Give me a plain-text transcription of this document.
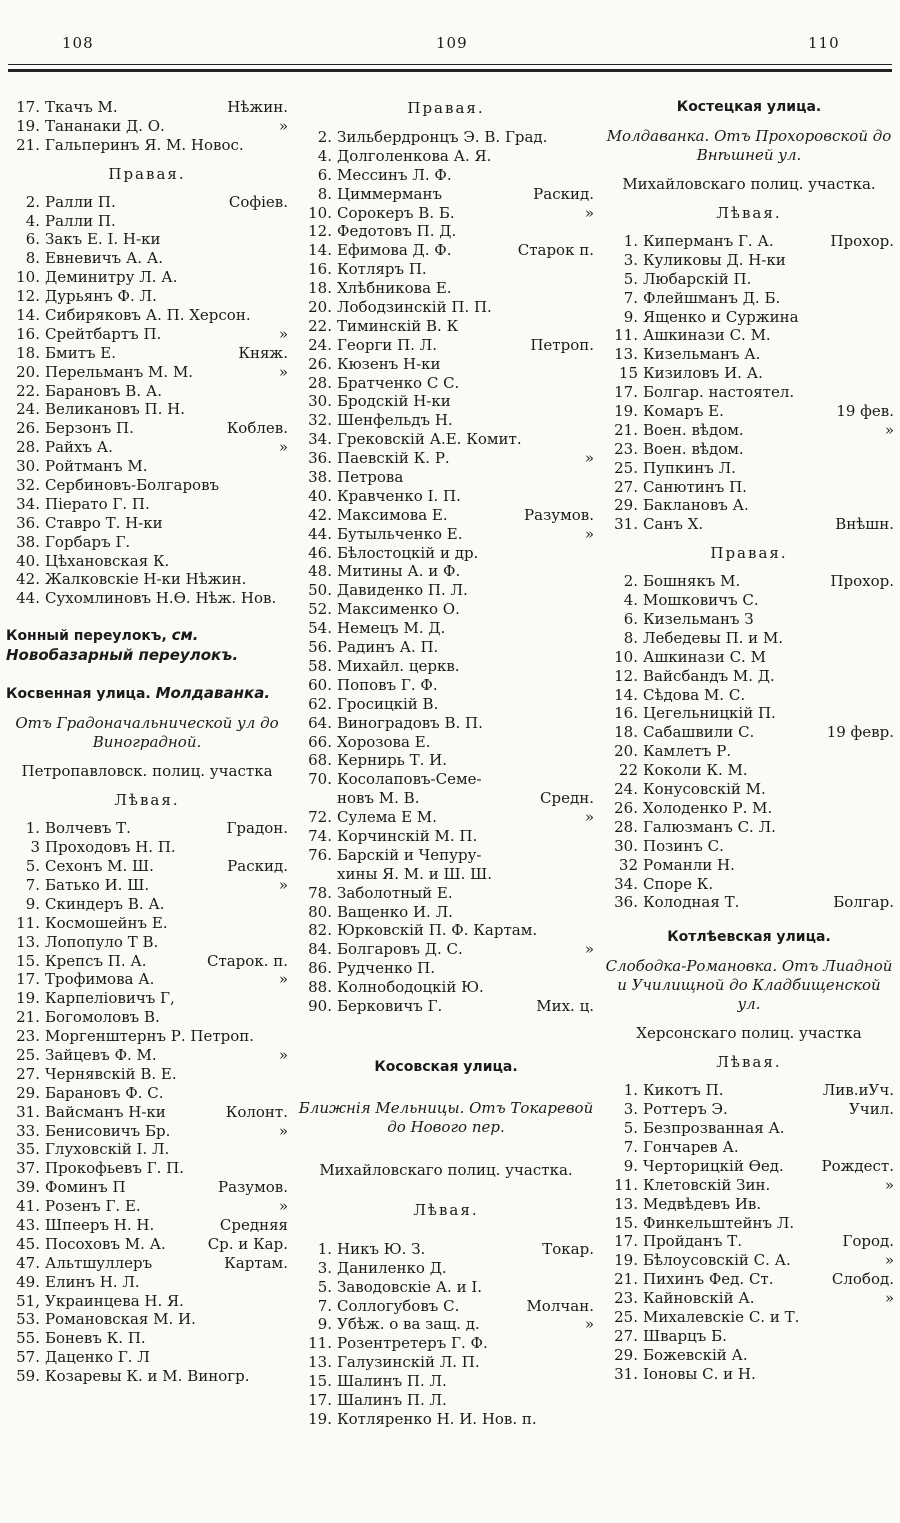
108	109	110
17. Ткачъ М.	Нѣжин.
19. Тананаки Д. О.	»
21. Гальперинъ Я. М. Новос.
Правая.
2. Ралли П.	Софiев.
4. Ралли П.
6. Закъ Е. I. Н-ки
8. Евневичъ А. А.
10. Деминитру Л. А.
12. Дурьянъ Ф. Л.
14. Сибиряковъ А. П. Херсон.
16. Срейтбартъ П.	»
18. Бмитъ Е.	Княж.
20. Перельманъ М. М.	»
22. Барановъ В. А.
24. Великановъ П. Н.
26. Берзонъ П.	Коблев.
28. Райхъ А.	»
30. Ройтманъ М.
32. Сербиновъ-Болгаровъ
34. Пiерато Г. П.
36. Ставро Т. Н-ки
38. Горбаръ Г.
40. Цѣхановская К.
42. Жалковскiе Н-ки Нѣжин.
44. Сухомлиновъ Н.Ѳ. Нѣж. Нов.
Конный переулокъ, см. Новобазарный переулокъ.
Косвенная улица. Молдаванка.
Отъ Градоначальнической ул до Виноградной.
Петропавловск. полиц. участка
Лѣвая.
1. Волчевъ Т.	Градон.
3 Проходовъ Н. П.
5. Сехонъ М. Ш.	Раскид.
7. Батько И. Ш.	»
9. Скиндеръ В. А.
11. Космошейнъ Е.
13. Лопопуло Т В.
15. Крепсъ П. А.	Старок. п.
17. Трофимова А.	»
19. Карпеліовичъ Г,
21. Богомоловъ В.
23. Моргенштернъ Р. Петроп.
25. Зайцевъ Ф. М.	»
27. Чернявскiй В. Е.
29. Барановъ Ф. С.
31. Вайсманъ Н-ки	Колонт.
33. Бенисовичъ Бр.	»
35. Глуховскiй I. Л.
37. Прокофьевъ Г. П.
39. Фоминъ П	Разумов.
41. Розенъ Г. Е.	»
43. Шпееръ Н. Н.	Средняя
45. Посоховъ М. А.	Ср. и Кар.
47. Альтшуллеръ	Картам.
49. Елинъ Н. Л.
51, Украинцева Н. Я.
53. Романовская М. И.
55. Боневъ К. П.
57. Даценко Г. Л
59. Козаревы К. и М. Виногр.
Правая.
2. Зильбердронцъ Э. В. Град.
4. Долголенкова А. Я.
6. Мессинъ Л. Ф.
8. Циммерманъ	Раскид.
10. Сорокеръ В. Б.	»
12. Федотовъ П. Д.
14. Ефимова Д. Ф.	Старок п.
16. Котляръ П.
18. Хлѣбникова Е.
20. Лободзинскiй П. П.
22. Тиминскiй В. К
24. Георги П. Л.	Петроп.
26. Кюзенъ Н-ки
28. Братченко С С.
30. Бродскiй Н-ки
32. Шенфельдъ Н.
34. Грековскiй А.Е. Комит.
36. Паевскiй К. Р.	»
38. Петрова
40. Кравченко I. П.
42. Максимова Е.	Разумов.
44. Бутыльченко Е.	»
46. Бѣлостоцкiй и др.
48. Митины А. и Ф.
50. Давиденко П. Л.
52. Максименко О.
54. Немецъ М. Д.
56. Радинъ А. П.
58. Михайл. церкв.
60. Поповъ Г. Ф.
62. Гросицкiй В.
64. Виноградовъ В. П.
66. Хорозова Е.
68. Кернирь Т. И.
70. Косолаповъ-Семе-
новъ М. В.	Средн.
72. Сулема Е М.	»
74. Корчинскiй М. П.
76. Барскiй и Чепуру-
хины Я. М. и Ш. Ш.
78. Заболотный Е.
80. Ващенко И. Л.
82. Юрковскiй П. Ф. Картам.
84. Болгаровъ Д. С.	»
86. Рудченко П.
88. Колнободоцкiй Ю.
90. Берковичъ Г.	Мих. ц.
Косовская улица.
Ближнiя Мельницы. Отъ Токаревой до Нового пер.
Михайловскаго полиц. участка.
Лѣвая.
1. Никъ Ю. З.	Токар.
3. Даниленко Д.
5. Заводовскiе А. и I.
7. Соллогубовъ С.	Молчан.
9. Убѣж. о ва защ. д.	»
11. Розентретеръ Г. Ф.
13. Галузинскiй Л. П.
15. Шалинъ П. Л.
17. Шалинъ П. Л.
19. Котляренко Н. И. Нов. п.
Костецкая улица.
Молдаванка. Отъ Прохоровской до Внѣшней ул.
Михайловскаго полиц. участка.
Лѣвая.
1. Киперманъ Г. А.	Прохор.
3. Куликовы Д. Н-ки
5. Любарскiй П.
7. Флейшманъ Д. Б.
9. Ященко и Суржина
11. Ашкинази С. М.
13. Кизельманъ А.
15 Кизиловъ И. А.
17. Болгар. настоятел.
19. Комаръ Е.	19 фев.
21. Воен. вѣдом.	»
23. Воен. вѣдом.
25. Пупкинъ Л.
27. Санютинъ П.
29. Баклановъ А.
31. Санъ Х.	Внѣшн.
Правая.
2. Бошнякъ М.	Прохор.
4. Мошковичъ С.
6. Кизельманъ З
8. Лебедевы П. и М.
10. Ашкинази С. М
12. Вайсбандъ М. Д.
14. Сѣдова М. С.
16. Цегельницкiй П.
18. Сабашвили С.	19 февр.
20. Камлетъ Р.
22 Коколи К. М.
24. Конусовскiй М.
26. Холоденко Р. М.
28. Галюзманъ С. Л.
30. Позинъ С.
32 Романли Н.
34. Споре К.
36. Колодная Т.	Болгар.
Котлѣевская улица.
Слободка-Романовка. Отъ Лиадной и Училищной до Кладбищенской ул.
Херсонскаго полиц. участка
Лѣвая.
1. Кикотъ П.	Лив.иУч.
3. Роттеръ Э.	Учил.
5. Безпрозванная А.
7. Гончарев А.
9. Черторицкiй Ѳед.	Рождест.
11. Клетовскiй Зин.	»
13. Медвѣдевъ Ив.
15. Финкельштейнъ Л.
17. Пройданъ Т.	Город.
19. Бѣлоусовскiй С. А.	»
21. Пихинъ Фед. Ст.	Слобод.
23. Кайновскiй А.	»
25. Михалевскiе С. и Т.
27. Шварцъ Б.
29. Божевскiй А.
31. Iоновы С. и Н.
